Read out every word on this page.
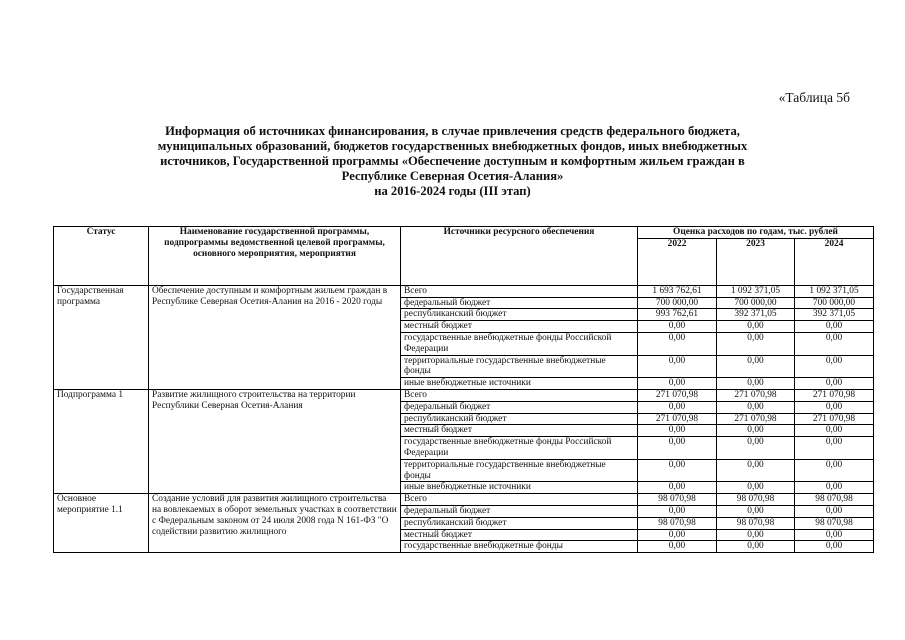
«Таблица 5б
Информация об источниках финансирования, в случае привлечения средств федерального бюджета,
муниципальных образований, бюджетов государственных внебюджетных фондов, иных внебюджетных
источников, Государственной программы «Обеспечение доступным и комфортным жильем граждан в
Республике Северная Осетия-Алания»
на 2016-2024 годы (III этап)
Статус	Наименование государственной программы, подпрограммы ведомственной целевой программы, основного мероприятия, мероприятия	Источники ресурсного обеспечения	Оценка расходов по годам, тыс. рублей		
			2022	2023	2024
Государственная программа	Обеспечение доступным и комфортным жильем граждан в Республике Северная Осетия-Алания на 2016 - 2020 годы	Всего	1 693 762,61	1 092 371,05	1 092 371,05
		федеральный бюджет	700 000,00	700 000,00	700 000,00
		республиканский бюджет	993 762,61	392 371,05	392 371,05
		местный бюджет	0,00	0,00	0,00
		государственные внебюджетные фонды Российской Федерации	0,00	0,00	0,00
		территориальные государственные внебюджетные фонды	0,00	0,00	0,00
		иные внебюджетные источники	0,00	0,00	0,00
Подпрограмма 1	Развитие жилищного строительства на территории Республики Северная Осетия-Алания	Всего	271 070,98	271 070,98	271 070,98
		федеральный бюджет	0,00	0,00	0,00
		республиканский бюджет	271 070,98	271 070,98	271 070,98
		местный бюджет	0,00	0,00	0,00
		государственные внебюджетные фонды Российской Федерации	0,00	0,00	0,00
		территориальные государственные внебюджетные фонды	0,00	0,00	0,00
		иные внебюджетные источники	0,00	0,00	0,00
Основное мероприятие 1.1	Создание условий для развития жилищного строительства на вовлекаемых в оборот земельных участках в соответствии с Федеральным законом от 24 июля 2008 года N 161-ФЗ "О содействии развитию жилищного	Всего	98 070,98	98 070,98	98 070,98
		федеральный бюджет	0,00	0,00	0,00
		республиканский бюджет	98 070,98	98 070,98	98 070,98
		местный бюджет	0,00	0,00	0,00
		государственные внебюджетные фонды	0,00	0,00	0,00
